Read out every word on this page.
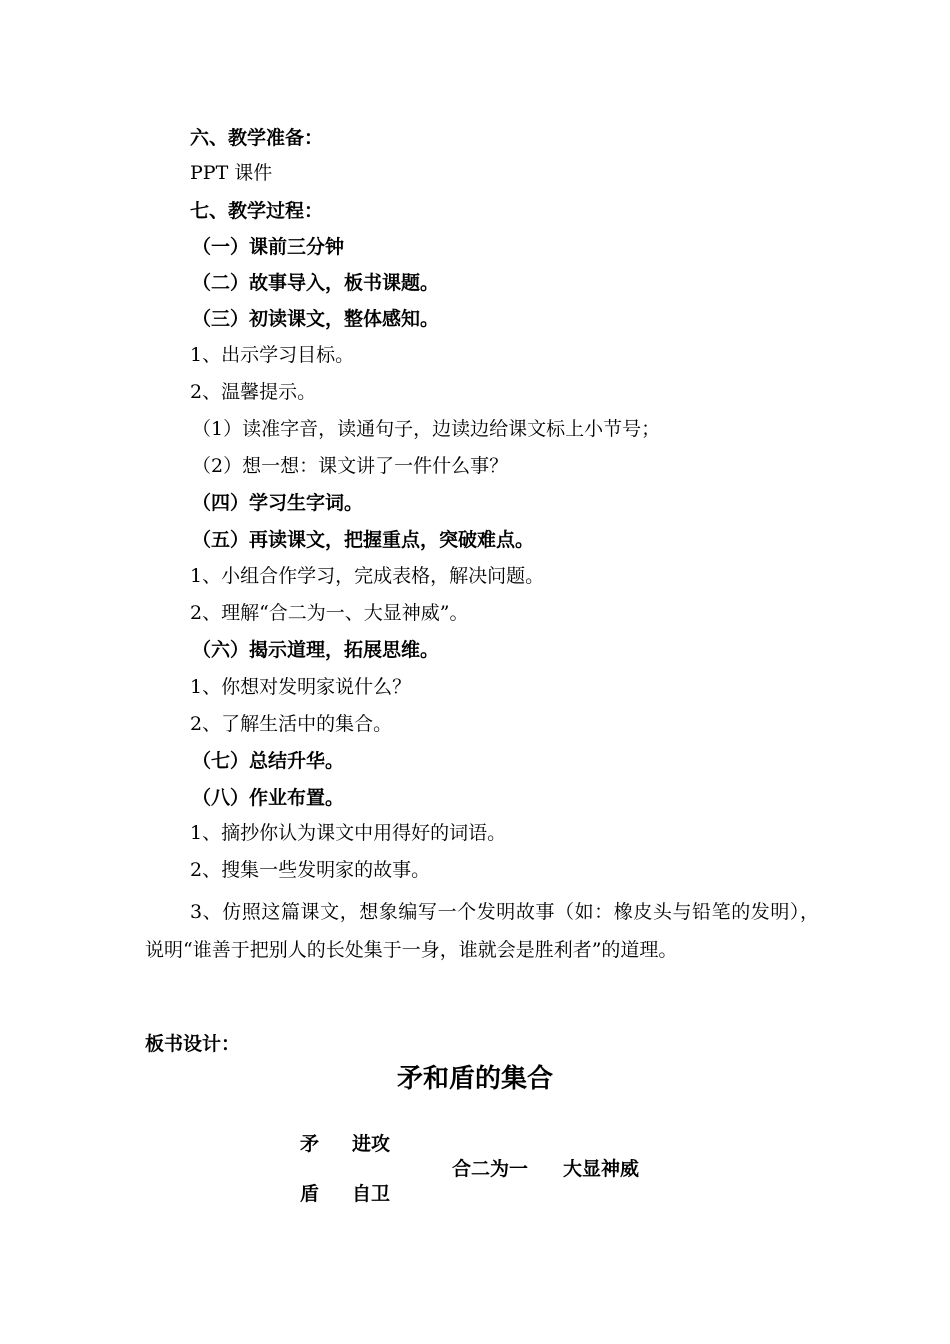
六、教学准备：
PPT 课件
七、教学过程：
（一）课前三分钟
（二）故事导入，板书课题。
（三）初读课文，整体感知。
1、出示学习目标。
2、温馨提示。
（1）读准字音，读通句子，边读边给课文标上小节号；
（2）想一想：课文讲了一件什么事？
（四）学习生字词。
（五）再读课文，把握重点，突破难点。
1、小组合作学习，完成表格，解决问题。
2、理解“合二为一、大显神威”。
（六）揭示道理，拓展思维。
1、你想对发明家说什么？
2、了解生活中的集合。
（七）总结升华。
（八）作业布置。
1、摘抄你认为课文中用得好的词语。
2、搜集一些发明家的故事。
3、仿照这篇课文，想象编写一个发明故事（如：橡皮头与铅笔的发明），说明“谁善于把别人的长处集于一身，谁就会是胜利者”的道理。
板书设计：
矛和盾的集合
矛 进攻
盾 自卫
合二为一 大显神威
